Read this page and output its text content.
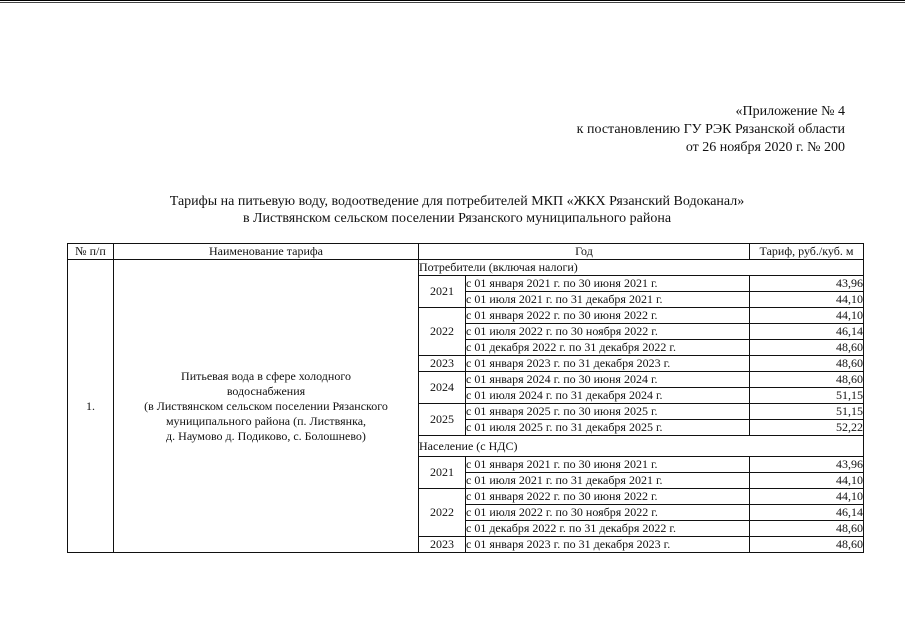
«Приложение № 4
к постановлению ГУ РЭК Рязанской области
от 26 ноября 2020 г. № 200
Тарифы на питьевую воду, водоотведение для потребителей МКП «ЖКХ Рязанский Водоканал»
в Листвянском сельском поселении Рязанского муниципального района
№ п/п	Наименование тарифа	Год		Тариф, руб./куб. м
1.	Питьевая вода в сфере холодного
водоснабжения
(в Листвянском сельском поселении Рязанского
муниципального района (п. Листвянка,
д. Наумово д. Подиково, с. Болошнево)	Потребители (включая налоги)		
		2021	с 01 января 2021 г. по 30 июня 2021 г.	43,96
			с 01 июля 2021 г. по 31 декабря 2021 г.	44,10
		2022	с 01 января 2022 г. по 30 июня 2022 г.	44,10
			с 01 июля 2022 г. по 30 ноября 2022 г.	46,14
			с 01 декабря 2022 г. по 31 декабря 2022 г.	48,60
		2023	с 01 января 2023 г. по 31 декабря 2023 г.	48,60
		2024	с 01 января 2024 г. по 30 июня 2024 г.	48,60
			с 01 июля 2024 г. по 31 декабря 2024 г.	51,15
		2025	с 01 января 2025 г. по 30 июня 2025 г.	51,15
			с 01 июля 2025 г. по 31 декабря 2025 г.	52,22
		Население (с НДС)		
		2021	с 01 января 2021 г. по 30 июня 2021 г.	43,96
			с 01 июля 2021 г. по 31 декабря 2021 г.	44,10
		2022	с 01 января 2022 г. по 30 июня 2022 г.	44,10
			с 01 июля 2022 г. по 30 ноября 2022 г.	46,14
			с 01 декабря 2022 г. по 31 декабря 2022 г.	48,60
		2023	с 01 января 2023 г. по 31 декабря 2023 г.	48,60
